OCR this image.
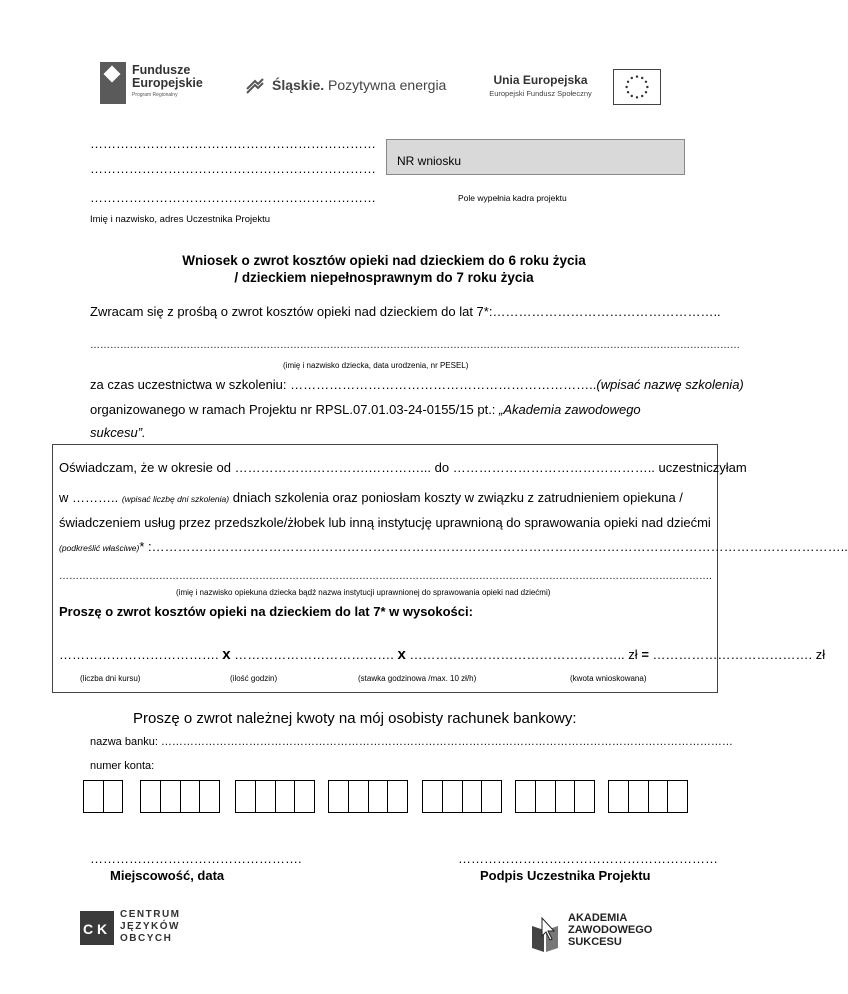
Fundusze
Europejskie
Program Regionalny
Śląskie. Pozytywna energia	Unia Europejska
Europejski Fundusz Społeczny
…………………………………………………………
…………………………………………………………
…………………………………………………………
Imię i nazwisko, adres Uczestnika Projektu
NR wniosku
Pole wypełnia kadra projektu
Wniosek o zwrot kosztów opieki nad dzieckiem do 6 roku życia
/ dzieckiem niepełnosprawnym do 7 roku życia
Zwracam się z prośbą o zwrot kosztów opieki nad dzieckiem do lat 7*:……………………………………………..
……………………………………………………………………………………………………………………………………………………………………………
(imię i nazwisko dziecka, data urodzenia, nr PESEL)
za czas uczestnictwa w szkoleniu: ……………………………………………………………..(wpisać nazwę szkolenia)
organizowanego w ramach Projektu nr RPSL.07.01.03-24-0155/15 pt.: „Akademia zawodowego
sukcesu”.
Oświadczam, że w okresie od ………………………….…………... do ……………………………………….. uczestniczyłam
w ……….. (wpisać liczbę dni szkolenia) dniach szkolenia oraz poniosłam koszty w związku z zatrudnieniem opiekuna /
świadczeniem usług przez przedszkole/żłobek lub inną instytucję uprawnioną do sprawowania opieki nad dziećmi
(podkreślić właściwe)* :……………………………………………………………………………………………………………………………………………..
…………………………………………………………………………………………………………………………………………………………………………….
(imię i nazwisko opiekuna dziecka bądź nazwa instytucji uprawnionej do sprawowania opieki nad dziećmi)
Proszę o zwrot kosztów opieki na dzieckiem do lat 7* w wysokości:
………………………………. x ………………………………. x ………………………………………….. zł = ………………………………. zł
(liczba dni kursu)	(ilość godzin)	(stawka godzinowa /max. 10 zł/h)	(kwota wnioskowana)
Proszę o zwrot należnej kwoty na mój osobisty rachunek bankowy:
nazwa banku: …………………………………………………………………………………………………………………………………………
numer konta:
………………………………………….
Miejscowość, data
……………………………………………………
Podpis Uczestnika Projektu
C K
CENTRUM
JĘZYKÓW
OBCYCH
AKADEMIA
ZAWODOWEGO
SUKCESU
